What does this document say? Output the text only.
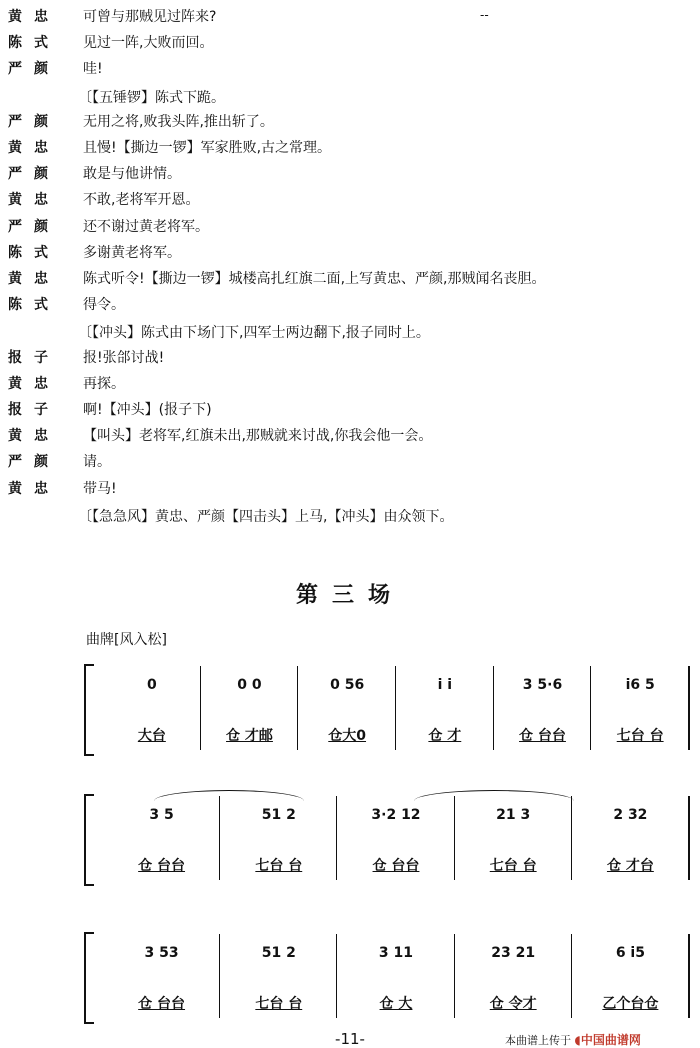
黄忠	可曾与那贼见过阵来?
陈式	见过一阵,大败而回。
严颜	哇!
〔【五锤锣】陈式下跪。
严颜	无用之将,败我头阵,推出斩了。
黄忠	且慢!【撕边一锣】军家胜败,古之常理。
严颜	敢是与他讲情。
黄忠	不敢,老将军开恩。
严颜	还不谢过黄老将军。
陈式	多谢黄老将军。
黄忠	陈式听令!【撕边一锣】城楼高扎红旗二面,上写黄忠、严颜,那贼闻名丧胆。
陈式	得令。
〔【冲头】陈式由下场门下,四军士两边翻下,报子同时上。
报子	报!张郃讨战!
黄忠	再探。
报子	啊!【冲头】(报子下)
黄忠	【叫头】老将军,红旗未出,那贼就来讨战,你我会他一会。
严颜	请。
黄忠	带马!
〔【急急风】黄忠、严颜【四击头】上马,【冲头】由众领下。
--
第三场
曲牌[风入松]
0	0 0	0 56	i i	3 5·6	i6 5
大台	仓 才邮	仓大0	仓 才	仓 台台	七台 台
3 5	51 2	3·2 12	21 3	2 32
仓 台台	七台 台	仓 台台	七台 台	仓 才台
3 53	51 2	3 11	23 21	6 i5
仓 台台	七台 台	仓 大	仓 令才	乙个台仓
-11-	本曲谱上传于 ◖中国曲谱网
